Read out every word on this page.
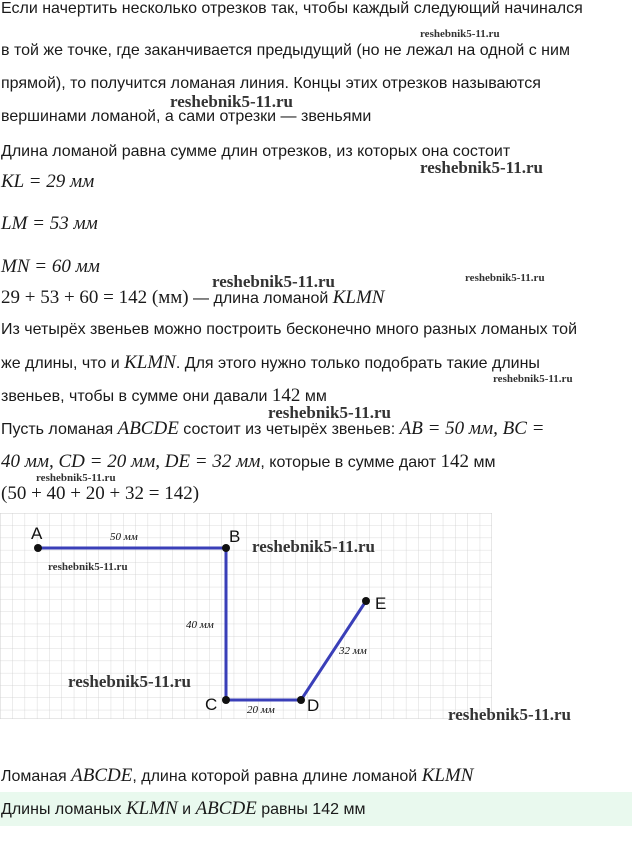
Если начертить несколько отрезков так, чтобы каждый следующий начинался
в той же точке, где заканчивается предыдущий (но не лежал на одной с ним
прямой), то получится ломаная линия. Концы этих отрезков называются
вершинами ломаной, а сами отрезки — звеньями
Длина ломаной равна сумме длин отрезков, из которых она состоит
KL = 29 мм
LM = 53 мм
MN = 60 мм
29 + 53 + 60 = 142 (мм) — длина ломаной KLMN
Из четырёх звеньев можно построить бесконечно много разных ломаных той
же длины, что и KLMN. Для этого нужно только подобрать такие длины
звеньев, чтобы в сумме они давали 142 мм
Пусть ломаная ABCDE состоит из четырёх звеньев: AB = 50 мм, BC =
40 мм, CD = 20 мм, DE = 32 мм, которые в сумме дают 142 мм
(50 + 40 + 20 + 32 = 142)
A	B
C	D
E
50 мм
40 мм
20 мм
32 мм
Ломаная ABCDE, длина которой равна длине ломаной KLMN
Длины ломаных KLMN и ABCDE равны 142 мм
reshebnik5-11.ru
reshebnik5-11.ru
reshebnik5-11.ru
reshebnik5-11.ru	reshebnik5-11.ru
reshebnik5-11.ru
reshebnik5-11.ru
reshebnik5-11.ru
reshebnik5-11.ru
reshebnik5-11.ru
reshebnik5-11.ru
reshebnik5-11.ru
